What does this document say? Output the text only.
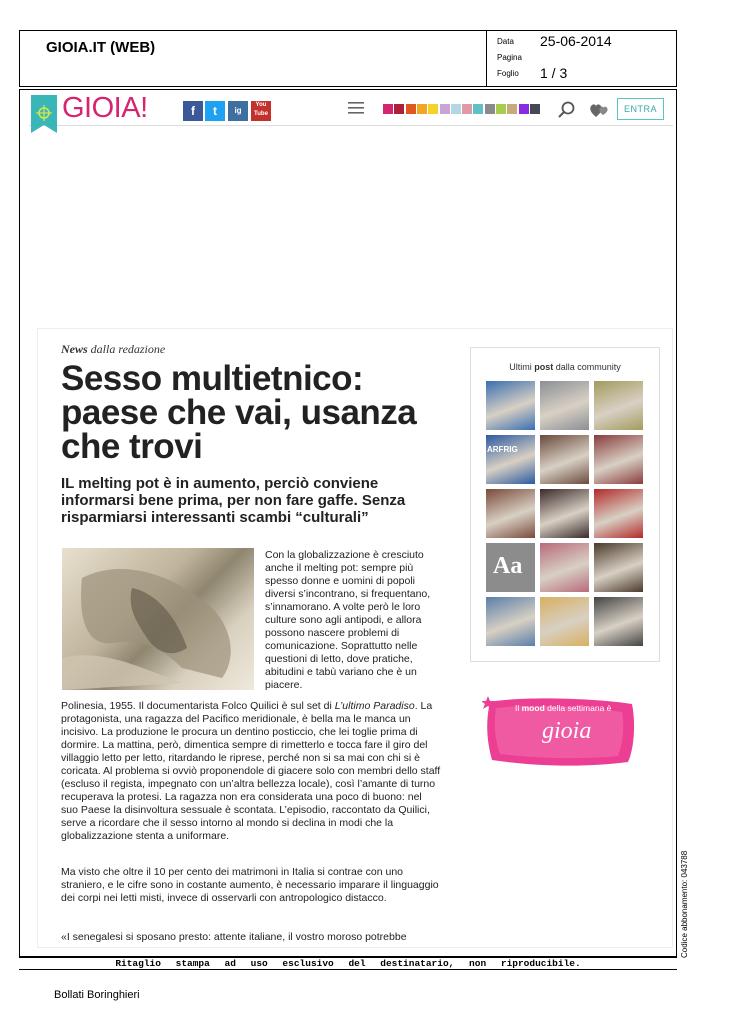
GIOIA.IT (WEB)	Data 25-06-2014
Pagina
Foglio 1 / 3
GIOIA!	f	t	ig
You Tube	ENTRA
News dalla redazione
Sesso multietnico: paese che vai, usanza che trovi
IL melting pot è in aumento, perciò conviene informarsi bene prima, per non fare gaffe. Senza risparmiarsi interessanti scambi “culturali”
Con la globalizzazione è cresciuto anche il melting pot: sempre più spesso donne e uomini di popoli diversi s’incontrano, si frequentano, s’innamorano. A volte però le loro culture sono agli antipodi, e allora possono nascere problemi di comunicazione. Soprattutto nelle questioni di letto, dove pratiche, abitudini e tabù variano che è un piacere.
Polinesia, 1955. Il documentarista Folco Quilici è sul set di L’ultimo Paradiso. La protagonista, una ragazza del Pacifico meridionale, è bella ma le manca un incisivo. La produzione le procura un dentino posticcio, che lei toglie prima di dormire. La mattina, però, dimentica sempre di rimetterlo e tocca fare il giro del villaggio letto per letto, ritardando le riprese, perché non si sa mai con chi si è coricata. Al problema si ovviò proponendole di giacere solo con membri dello staff (escluso il regista, impegnato con un’altra bellezza locale), così l’amante di turno recuperava la protesi. La ragazza non era considerata una poco di buono: nel suo Paese la disinvoltura sessuale è scontata. L’episodio, raccontato da Quilici, serve a ricordare che il sesso intorno al mondo si declina in modi che la globalizzazione stenta a uniformare.
Ma visto che oltre il 10 per cento dei matrimoni in Italia si contrae con uno straniero, e le cifre sono in costante aumento, è necessario imparare il linguaggio dei corpi nei letti misti, invece di osservarli con antropologico distacco.
«I senegalesi si sposano presto: attente italiane, il vostro moroso potrebbe
Ultimi post dalla community
ARFRIG
Aa
Il mood della settimana è
gioia
Codice abbonamento: 043788
Ritaglio stampa ad uso esclusivo del destinatario, non riproducibile.
Bollati Boringhieri
